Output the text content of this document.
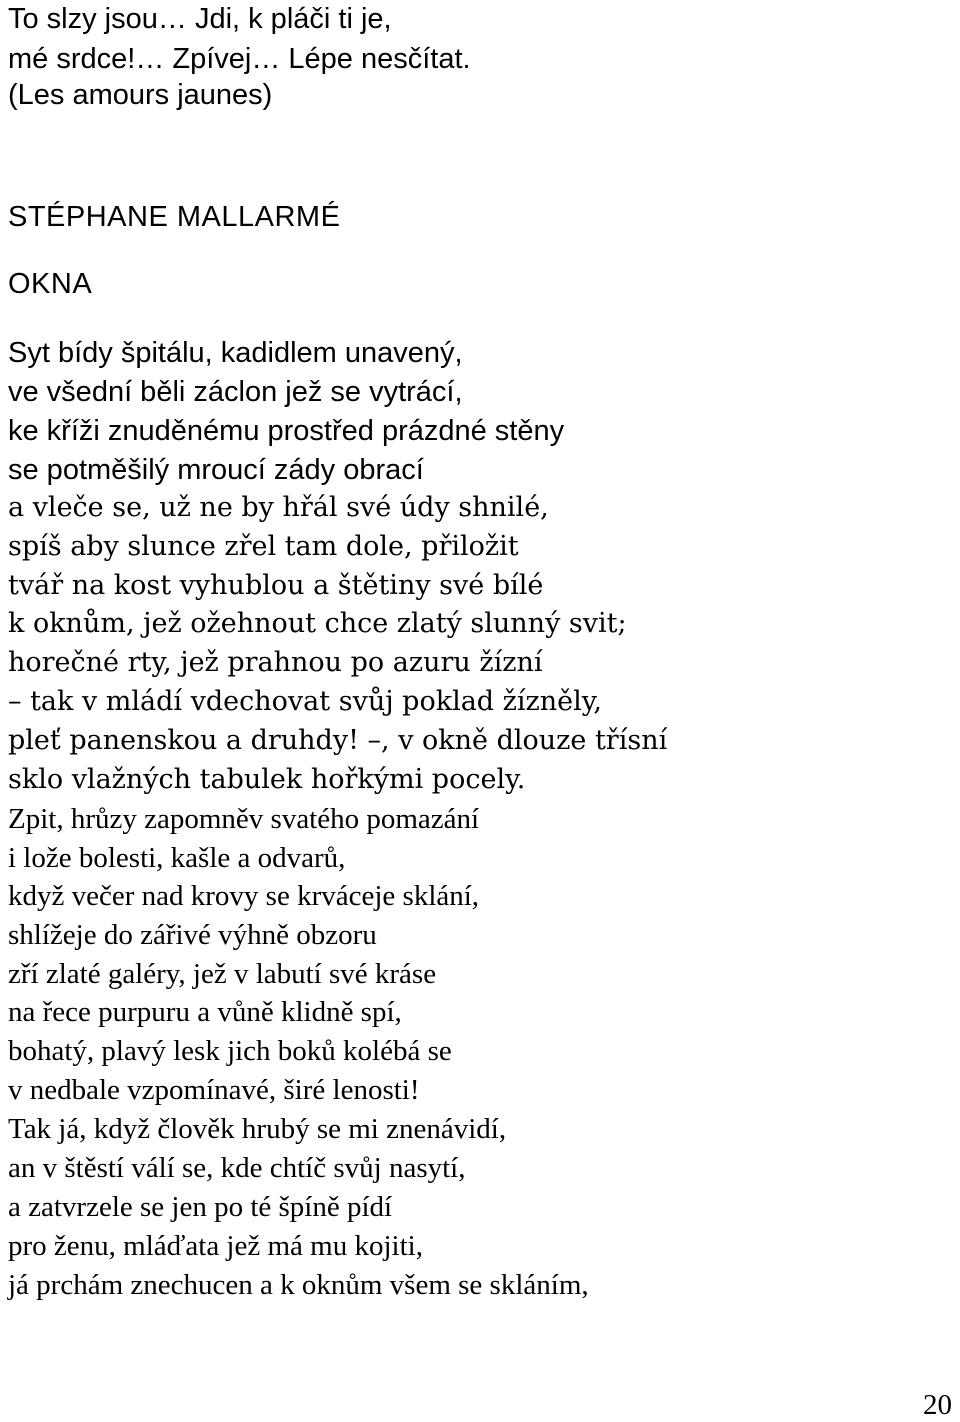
To slzy jsou… Jdi, k pláči ti je,
mé srdce!… Zpívej… Lépe nesčítat.
(Les amours jaunes)
STÉPHANE MALLARMÉ
OKNA
Syt bídy špitálu, kadidlem unavený,
ve všední běli záclon jež se vytrácí,
ke kříži znuděnému prostřed prázdné stěny
se potměšilý mroucí zády obrací
a vleče se, už ne by hřál své údy shnilé,
spíš aby slunce zřel tam dole, přiložit
tvář na kost vyhublou a štětiny své bílé
k oknům, jež ožehnout chce zlatý slunný svit;
horečné rty, jež prahnou po azuru žízní
– tak v mládí vdechovat svůj poklad žízněly,
pleť panenskou a druhdy! –, v okně dlouze třísní
sklo vlažných tabulek hořkými pocely.
Zpit, hrůzy zapomněv svatého pomazání
i lože bolesti, kašle a odvarů,
když večer nad krovy se krváceje sklání,
shlížeje do zářivé výhně obzoru
zří zlaté galéry, jež v labutí své kráse
na řece purpuru a vůně klidně spí,
bohatý, plavý lesk jich boků kolébá se
v nedbale vzpomínavé, širé lenosti!
Tak já, když člověk hrubý se mi znenávidí,
an v štěstí válí se, kde chtíč svůj nasytí,
a zatvrzele se jen po té špíně pídí
pro ženu, mláďata jež má mu kojiti,
já prchám znechucen a k oknům všem se skláním,
20
